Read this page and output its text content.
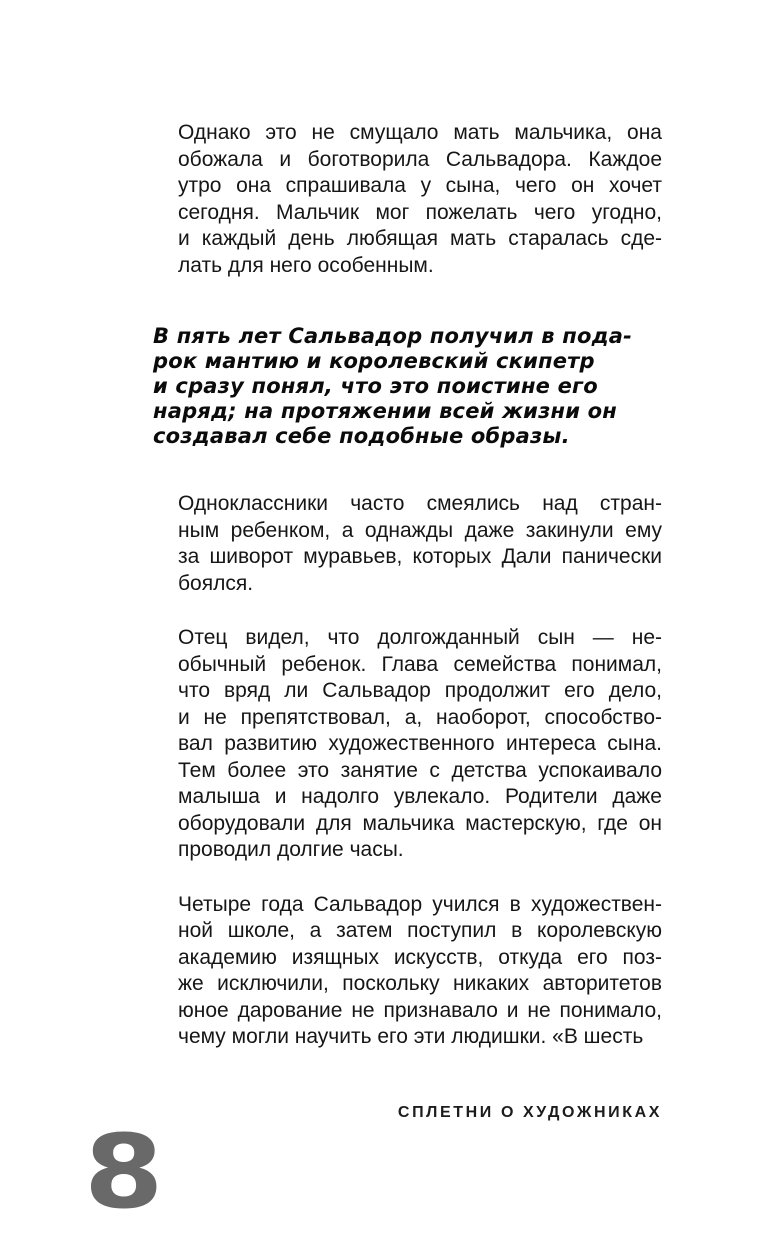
Однако это не смущало мать мальчика, она
обожала и боготворила Сальвадора. Каждое
утро она спрашивала у сына, чего он хочет
сегодня. Мальчик мог пожелать чего угодно,
и каждый день любящая мать старалась сде-
лать для него особенным.
В пять лет Сальвадор получил в пода-
рок мантию и королевский скипетр
и сразу понял, что это поистине его
наряд; на протяжении всей жизни он
создавал себе подобные образы.
Одноклассники часто смеялись над стран-
ным ребенком, а однажды даже закинули ему
за шиворот муравьев, которых Дали панически
боялся.
Отец видел, что долгожданный сын — не-
обычный ребенок. Глава семейства понимал,
что вряд ли Сальвадор продолжит его дело,
и не препятствовал, а, наоборот, способство-
вал развитию художественного интереса сына.
Тем более это занятие с детства успокаивало
малыша и надолго увлекало. Родители даже
оборудовали для мальчика мастерскую, где он
проводил долгие часы.
Четыре года Сальвадор учился в художествен-
ной школе, а затем поступил в королевскую
академию изящных искусств, откуда его поз-
же исключили, поскольку никаких авторитетов
юное дарование не признавало и не понимало,
чему могли научить его эти людишки. «В шесть
СПЛЕТНИ О ХУДОЖНИКАХ
8
